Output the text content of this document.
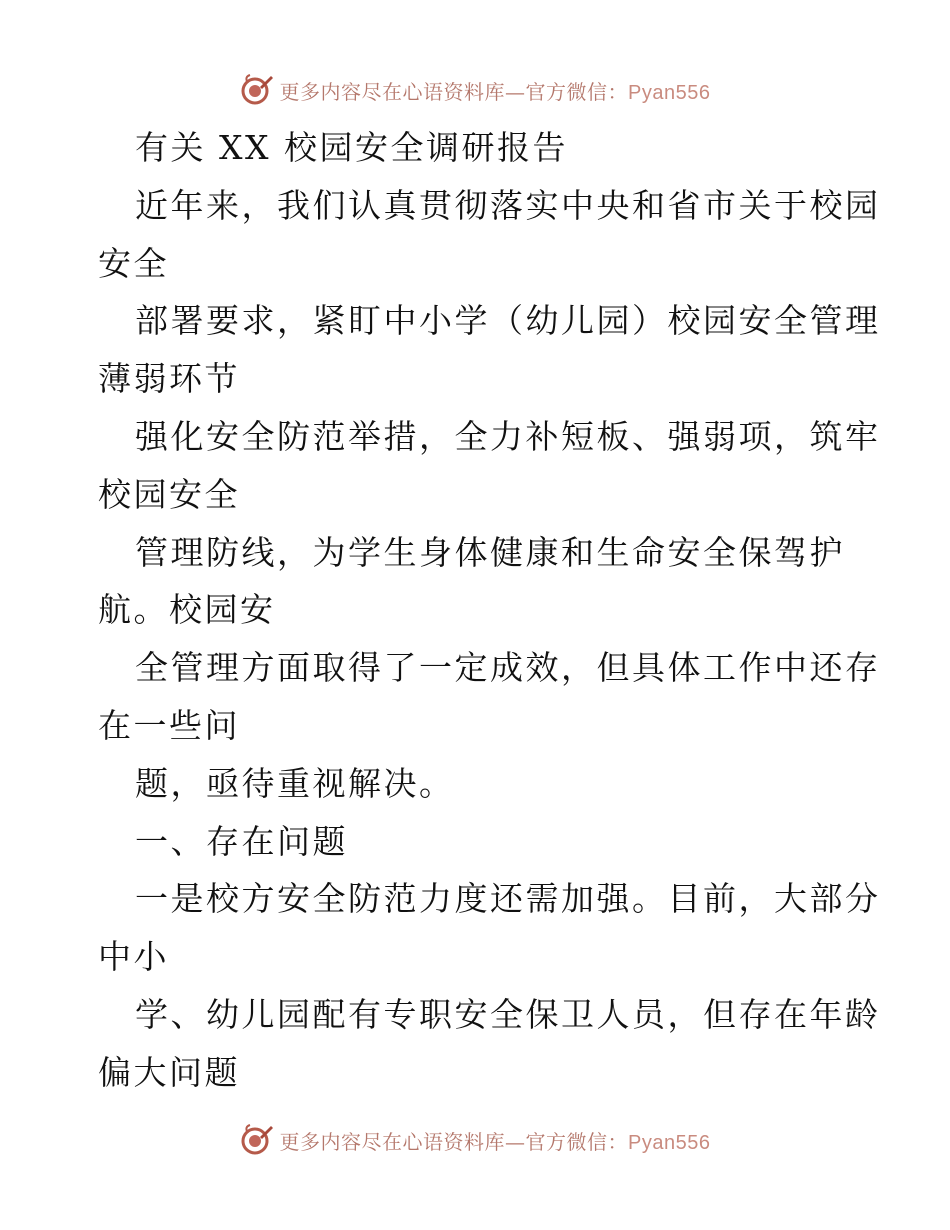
更多内容尽在心语资料库—官方微信：Pyan556
有关 XX 校园安全调研报告
近年来，我们认真贯彻落实中央和省市关于校园
安全
部署要求，紧盯中小学（幼儿园）校园安全管理
薄弱环节
强化安全防范举措，全力补短板、强弱项，筑牢
校园安全
管理防线，为学生身体健康和生命安全保驾护
航。校园安
全管理方面取得了一定成效，但具体工作中还存
在一些问
题，亟待重视解决。
一、存在问题
一是校方安全防范力度还需加强。目前，大部分
中小
学、幼儿园配有专职安全保卫人员，但存在年龄
偏大问题
更多内容尽在心语资料库—官方微信：Pyan556
